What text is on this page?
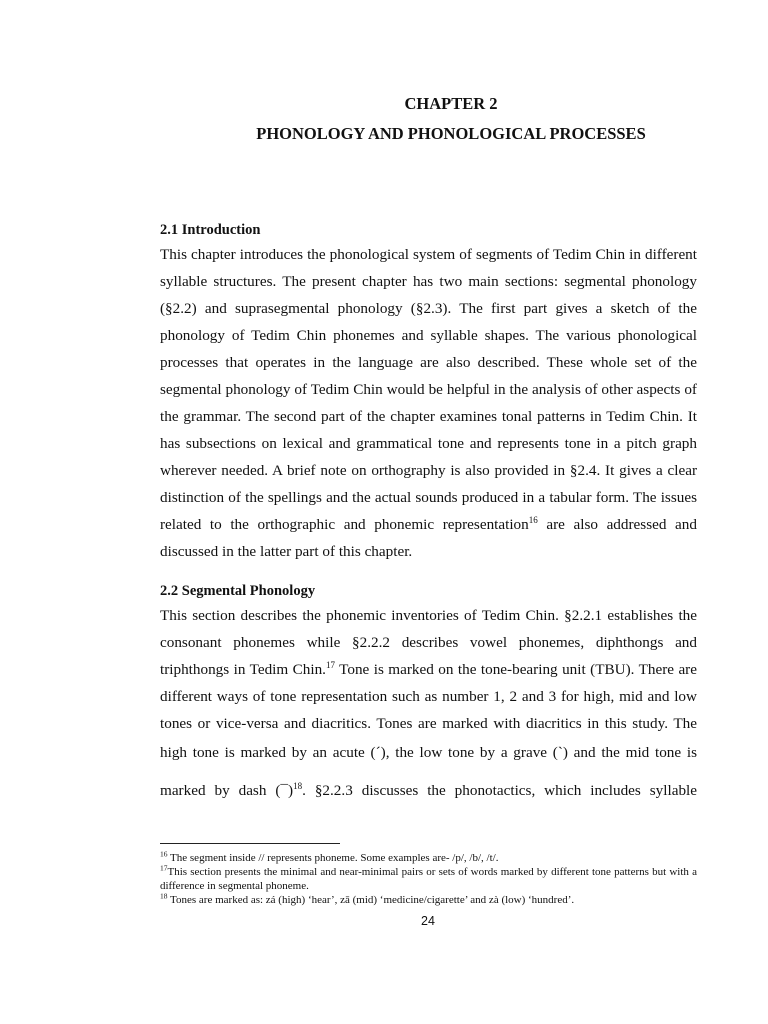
CHAPTER 2
PHONOLOGY AND PHONOLOGICAL PROCESSES
2.1 Introduction
This chapter introduces the phonological system of segments of Tedim Chin in different
syllable structures. The present chapter has two main sections: segmental phonology
(§2.2) and suprasegmental phonology (§2.3). The first part gives a sketch of the
phonology of Tedim Chin phonemes and syllable shapes. The various phonological
processes that operates in the language are also described. These whole set of the
segmental phonology of Tedim Chin would be helpful in the analysis of other aspects of
the grammar. The second part of the chapter examines tonal patterns in Tedim Chin. It
has subsections on lexical and grammatical tone and represents tone in a pitch graph
wherever needed. A brief note on orthography is also provided in §2.4. It gives a clear
distinction of the spellings and the actual sounds produced in a tabular form. The issues
related to the orthographic and phonemic representation$^{16}$ are also addressed and
discussed in the latter part of this chapter.
2.2 Segmental Phonology
This section describes the phonemic inventories of Tedim Chin. §2.2.1 establishes the
consonant phonemes while §2.2.2 describes vowel phonemes, diphthongs and
triphthongs in Tedim Chin.$^{17}$ Tone is marked on the tone-bearing unit (TBU). There are
different ways of tone representation such as number 1, 2 and 3 for high, mid and low
tones or vice-versa and diacritics. Tones are marked with diacritics in this study. The
high tone is marked by an acute (´), the low tone by a grave (`) and the mid tone is
marked by dash (¯)$^{18}$. §2.2.3 discusses the phonotactics, which includes syllable
$^{16}$ The segment inside // represents phoneme. Some examples are- /p/, /b/, /t/.
$^{17}$This section presents the minimal and near-minimal pairs or sets of words marked by different tone patterns but with a difference in segmental phoneme.
$^{18}$ Tones are marked as: zá (high) ‘hear’, zā (mid) ‘medicine/cigarette’ and zà (low) ‘hundred’.
24
